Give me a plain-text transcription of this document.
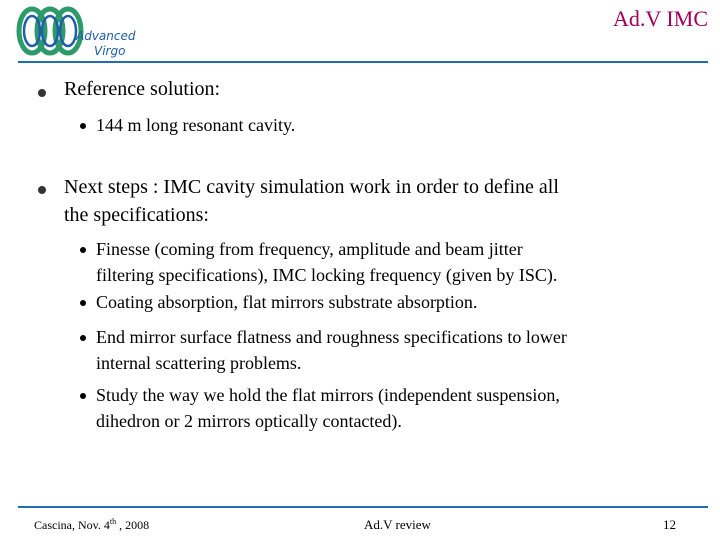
Advanced
Virgo
Ad.V IMC
Reference solution:
144 m long resonant cavity.
Next steps : IMC cavity simulation work in order to define all
the specifications:
Finesse (coming from frequency, amplitude and beam jitter
filtering specifications), IMC locking frequency (given by ISC).
Coating absorption, flat mirrors substrate absorption.
End mirror surface flatness and roughness specifications to lower
internal scattering problems.
Study the way we hold the flat mirrors (independent suspension,
dihedron or 2 mirrors optically contacted).
Cascina, Nov. 4th , 2008	Ad.V review	12
